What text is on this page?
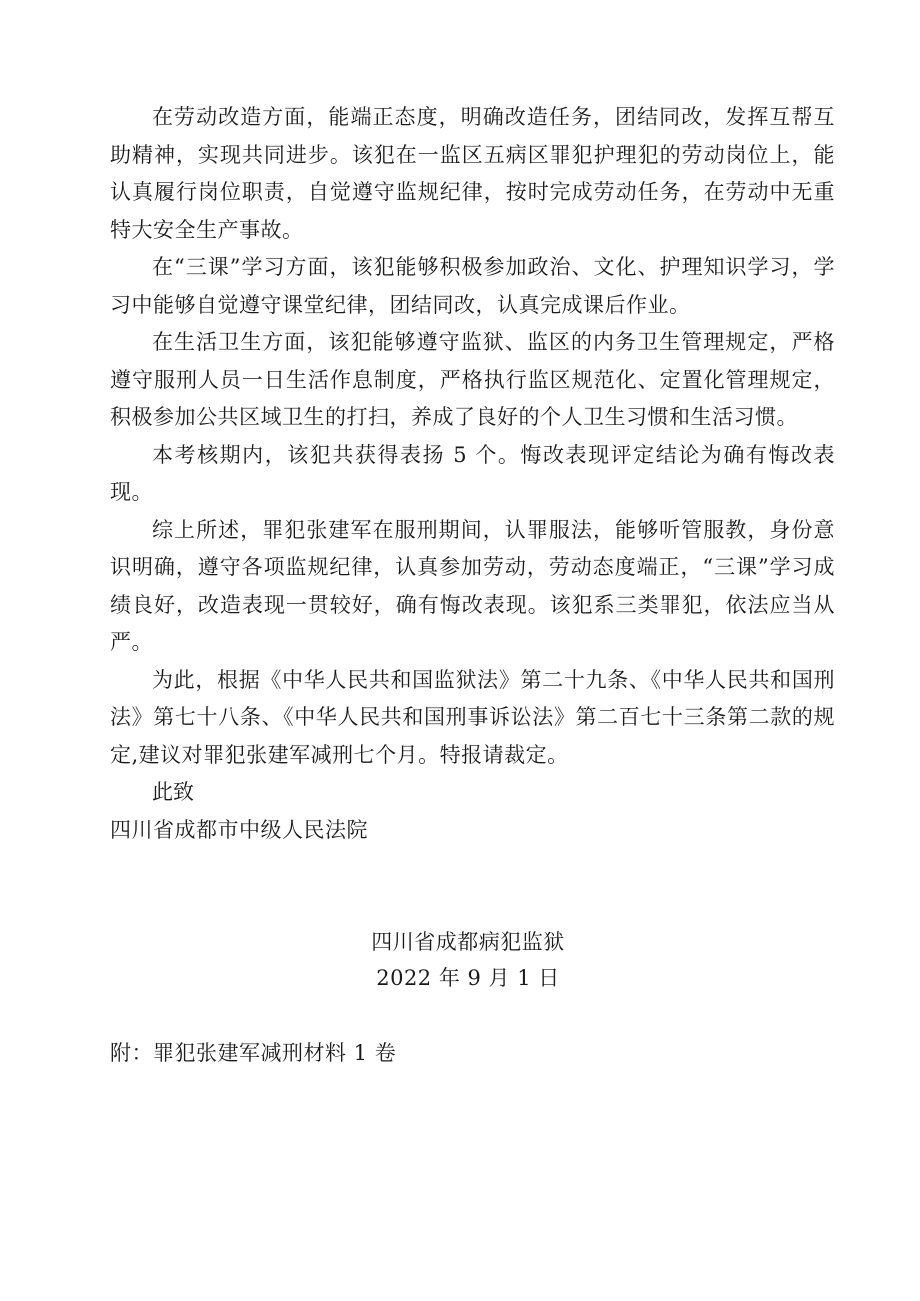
在劳动改造方面，能端正态度，明确改造任务，团结同改，发挥互帮互助精神，实现共同进步。该犯在一监区五病区罪犯护理犯的劳动岗位上，能认真履行岗位职责，自觉遵守监规纪律，按时完成劳动任务，在劳动中无重特大安全生产事故。

在“三课”学习方面，该犯能够积极参加政治、文化、护理知识学习，学习中能够自觉遵守课堂纪律，团结同改，认真完成课后作业。

在生活卫生方面，该犯能够遵守监狱、监区的内务卫生管理规定，严格遵守服刑人员一日生活作息制度，严格执行监区规范化、定置化管理规定，积极参加公共区域卫生的打扫，养成了良好的个人卫生习惯和生活习惯。

本考核期内，该犯共获得表扬 5 个。悔改表现评定结论为确有悔改表现。

综上所述，罪犯张建军在服刑期间，认罪服法，能够听管服教，身份意识明确，遵守各项监规纪律，认真参加劳动，劳动态度端正，“三课”学习成绩良好，改造表现一贯较好，确有悔改表现。该犯系三类罪犯，依法应当从严。

为此，根据《中华人民共和国监狱法》第二十九条、《中华人民共和国刑法》第七十八条、《中华人民共和国刑事诉讼法》第二百七十三条第二款的规定,建议对罪犯张建军减刑七个月。特报请裁定。

此致

四川省成都市中级人民法院

四川省成都病犯监狱
2022 年 9 月 1 日
附：罪犯张建军减刑材料 1 卷
